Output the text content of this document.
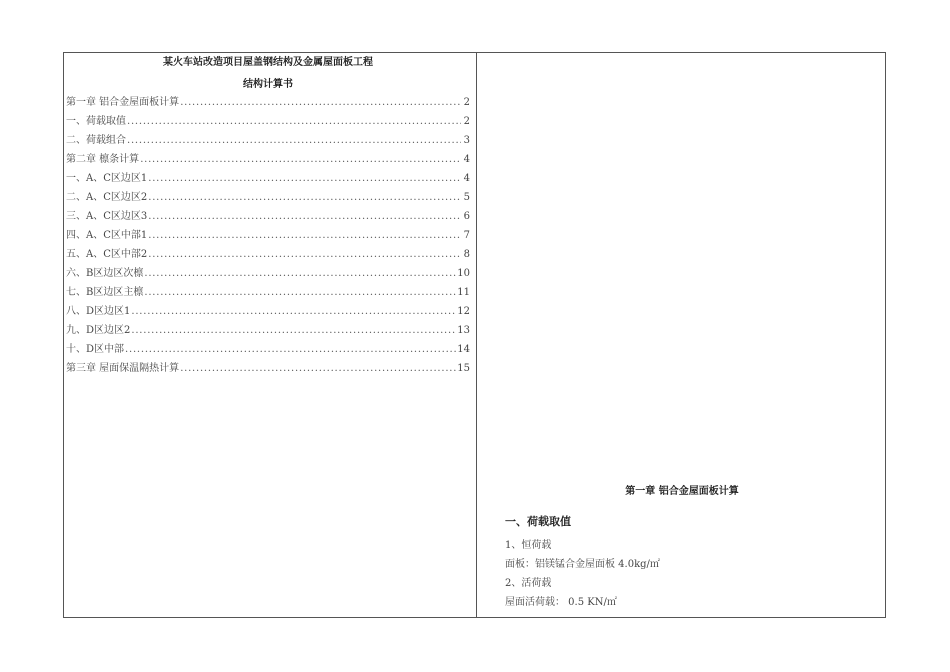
某火车站改造项目屋盖钢结构及金属屋面板工程
结构计算书
第一章 铝合金屋面板计算 . . .	2
一、荷载取值 . . .	2
二、荷载组合 . . .	3
第二章 檩条计算 . . .	4
一、A、C区边区1 . . .	4
二、A、C区边区2 . . .	5
三、A、C区边区3 . . .	6
四、A、C区中部1 . . .	7
五、A、C区中部2 . . .	8
六、B区边区次檩 . . .	10
七、B区边区主檩 . . .	11
八、D区边区1 . . .	12
九、D区边区2 . . .	13
十、D区中部 . . .	14
第三章 屋面保温隔热计算 . . .	15
第一章 铝合金屋面板计算
一、荷载取值
1、恒荷载
面板：铝镁锰合金屋面板 4.0kg/㎡
2、活荷载
屋面活荷载： 0.5 KN/㎡
